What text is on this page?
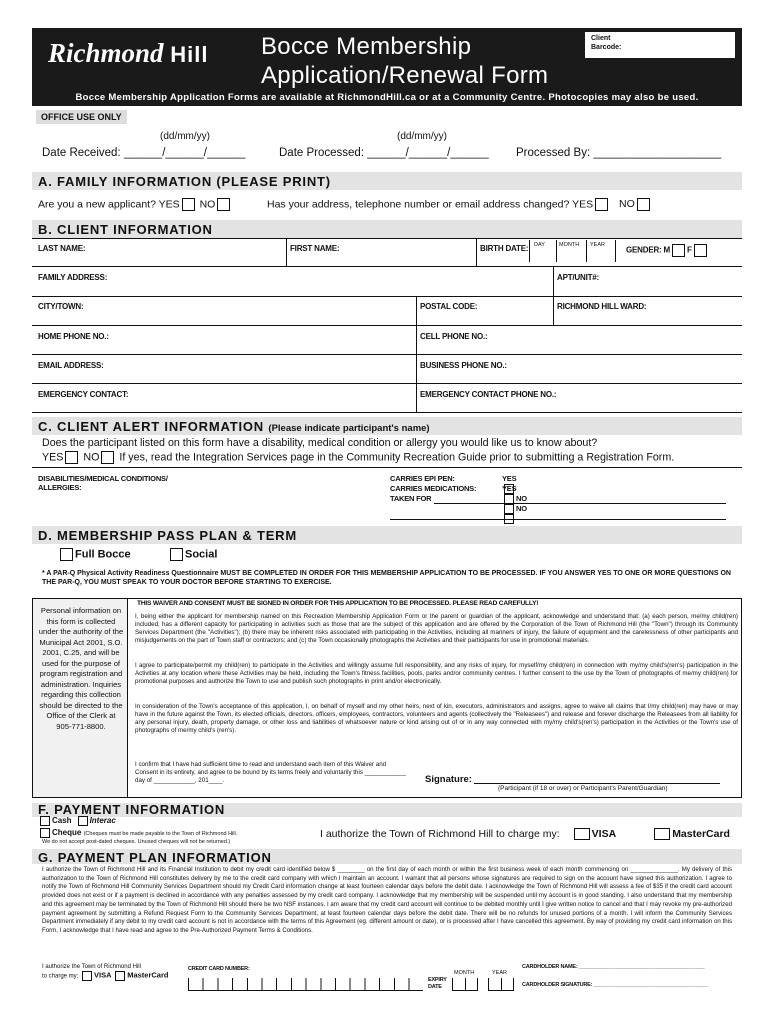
Richmond Hill Bocce Membership
Application/Renewal Form
Client
Barcode:
Bocce Membership Application Forms are available at RichmondHill.ca or at a Community Centre. Photocopies may also be used.
OFFICE USE ONLY
(dd/mm/yy)	(dd/mm/yy)
Date Received: ______/______/______	Date Processed: ______/______/______ Processed By: ____________________
A. FAMILY INFORMATION (PLEASE PRINT)
Are you a new applicant? YES NO	Has your address, telephone number or email address changed? YES NO
B. CLIENT INFORMATION
LAST NAME:	FIRST NAME:	BIRTH DATE: DAY	MONTH YEAR
GENDER: M F
FAMILY ADDRESS:	APT/UNIT#:
CITY/TOWN:	POSTAL CODE:	RICHMOND HILL WARD:
HOME PHONE NO.:	CELL PHONE NO.:
EMAIL ADDRESS:	BUSINESS PHONE NO.:
EMERGENCY CONTACT:	EMERGENCY CONTACT PHONE NO.:
C. CLIENT ALERT INFORMATION (Please indicate participant's name)
Does the participant listed on this form have a disability, medical condition or allergy you would like us to know about?
YES NO If yes, read the Integration Services page in the Community Recreation Guide prior to submitting a Registration Form.
DISABILITIES/MEDICAL CONDITIONS/
ALLERGIES:
CARRIES EPI PEN:	YESNO
CARRIES MEDICATIONS:	YESNO
TAKEN FOR
D. MEMBERSHIP PASS PLAN & TERM
Full Bocce	Social
* A PAR-Q Physical Activity Readiness Questionnaire MUST BE COMPLETED IN ORDER FOR THIS MEMBERSHIP APPLICATION TO BE PROCESSED. IF YOU ANSWER YES TO ONE OR MORE QUESTIONS ON THE PAR-Q, YOU MUST SPEAK TO YOUR DOCTOR BEFORE STARTING TO EXERCISE.
Personal information on this form is collected under the authority of the Municipal Act 2001, S.O. 2001, C.25, and will be used for the purpose of program registration and administration. Inquiries regarding this collection should be directed to the Office of the Clerk at 905-771-8800.
THIS WAIVER AND CONSENT MUST BE SIGNED IN ORDER FOR THIS APPLICATION TO BE PROCESSED. PLEASE READ CAREFULLY!
I, being either the applicant for membership named on this Recreation Membership Application Form or the parent or guardian of the applicant, acknowledge and understand that: (a) each person, me/my child(ren) included, has a different capacity for participating in activities such as those that are the subject of this application and are offered by the Corporation of the Town of Richmond Hill (the "Town") through its Community Services Department (the "Activities"); (b) there may be inherent risks associated with participating in the Activities, including all manners of injury, the failure of equipment and the carelessness of other participants and misjudgements on the part of Town staff or contractors; and (c) the Town occasionally photographs the Activities and their participants for use in promotional materials.
I agree to participate/permit my child(ren) to participate in the Activities and willingly assume full responsibility, and any risks of injury, for myself/my child(ren) in connection with my/my child's(ren's) participation in the Activities at any location where these Activities may be held, including the Town's fitness facilities, pools, parks and/or community centres. I further consent to the use by the Town of photographs of me/my child(ren) for promotional purposes and authorize the Town to use and publish such photographs in print and/or electronically.
In consideration of the Town's acceptance of this application, I, on behalf of myself and my other heirs, next of kin, executors, administrators and assigns, agree to waive all claims that I/my child(ren) may have or may have in the future against the Town, its elected officials, directors, officers, employees, contractors, volunteers and agents (collectively the "Releasees") and release and forever discharge the Releasees from all liability for any personal injury, death, property damage, or other loss and liabilities of whatsoever nature or kind arising out of or in any way connected with my/my child's(ren's) participation in the Activities or the Town's use of photographs of me/my child's (ren's).
I confirm that I have had sufficient time to read and understand each item of this Waiver and Consent in its entirety, and agree to be bound by its terms freely and voluntarily this ____________ day of ____________, 201____.	Signature:
(Participant (if 18 or over) or Participant's Parent/Guardian)
F. PAYMENT INFORMATION
Cash Interac
Cheque (Cheques must be made payable to the Town of Richmond Hill.
We do not accept post-dated cheques. Unused cheques will not be returned.)
I authorize the Town of Richmond Hill to charge my:	VISA	MasterCard
G. PAYMENT PLAN INFORMATION
I authorize the Town of Richmond Hill and its Financial Institution to debit my credit card identified below $ ________ on the first day of each month or within the first business week of each month commencing on ______________. My delivery of this authorization to the Town of Richmond Hill constitutes delivery by me to the credit card company with which I maintain an account. I warrant that all persons whose signatures are required to sign on the account have signed this authorization. I agree to notify the Town of Richmond Hill Community Services Department should my Credit Card information change at least fourteen calendar days before the debit date. I acknowledge the Town of Richmond Hill will assess a fee of $35 if the credit card account provided does not exist or if a payment is declined in accordance with any penalties assessed by my credit card company. I acknowledge that my membership will be suspended until my account is in good standing. I also understand that my membership and this agreement may be terminated by the Town of Richmond Hill should there be two NSF instances. I am aware that my credit card account will continue to be debited monthly until I give written notice to cancel and that I may revoke my pre-authorized payment agreement by submitting a Refund Request Form to the Community Services Department, at least fourteen calendar days before the debit date. There will be no refunds for unused portions of a month. I will inform the Community Services Department immediately if any debit to my credit card account is not in accordance with the terms of this Agreement (eg. different amount or date), or is processed after I have cancelled this agreement. By way of providing my credit card information on this Form, I acknowledge that I have read and agree to the Pre-Authorized Payment Terms & Conditions.
I authorize the Town of Richmond Hill
to charge my: VISA MasterCard
CREDIT CARD NUMBER:
MONTH	YEAR
EXPIRY
DATE
CARDHOLDER NAME: ____________________________________________
CARDHOLDER SIGNATURE: ________________________________________
